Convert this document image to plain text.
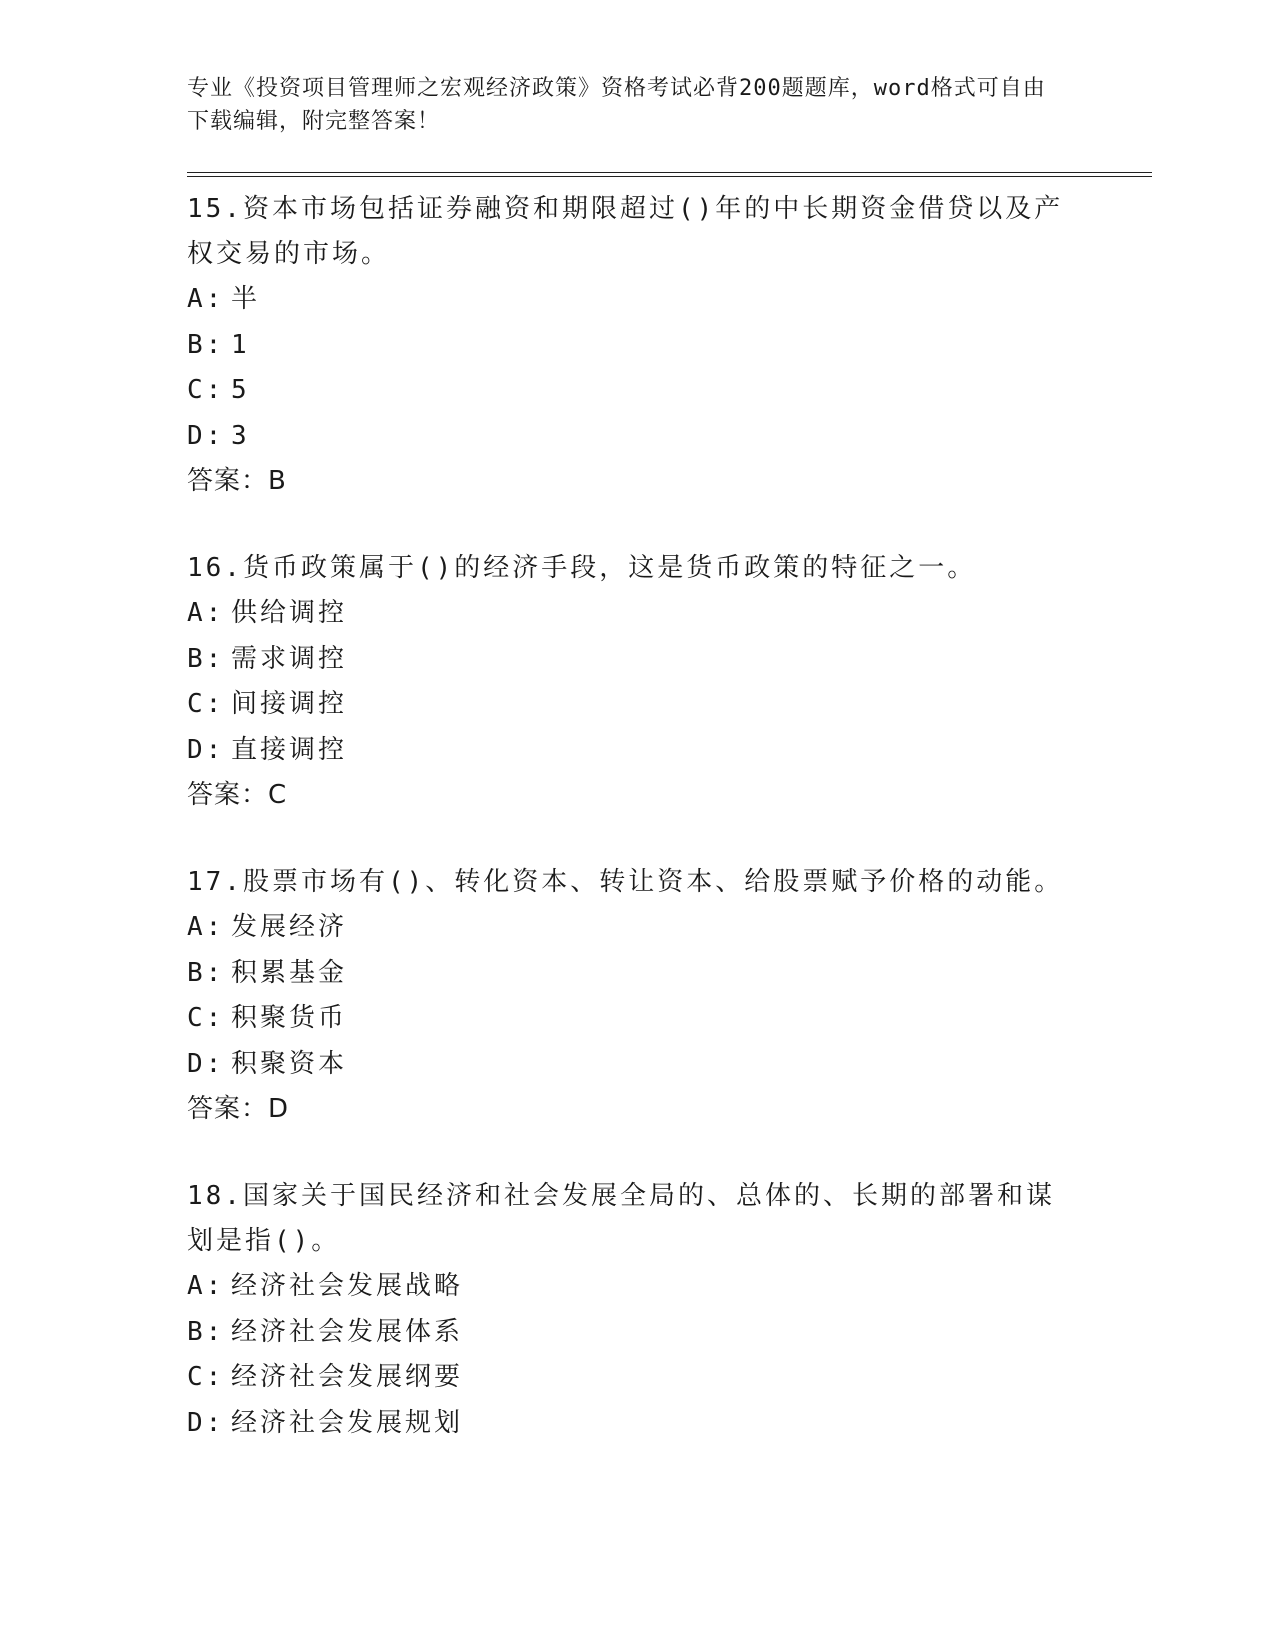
专业《投资项目管理师之宏观经济政策》资格考试必背200题题库，word格式可自由下载编辑，附完整答案！

15.资本市场包括证券融资和期限超过()年的中长期资金借贷以及产权交易的市场。

A: 半

B: 1

C: 5

D: 3

答案：B

16.货币政策属于()的经济手段，这是货币政策的特征之一。

A: 供给调控

B: 需求调控

C: 间接调控

D: 直接调控

答案：C

17.股票市场有()、转化资本、转让资本、给股票赋予价格的动能。

A: 发展经济

B: 积累基金

C: 积聚货币

D: 积聚资本

答案：D

18.国家关于国民经济和社会发展全局的、总体的、长期的部署和谋划是指()。

A: 经济社会发展战略

B: 经济社会发展体系

C: 经济社会发展纲要

D: 经济社会发展规划
